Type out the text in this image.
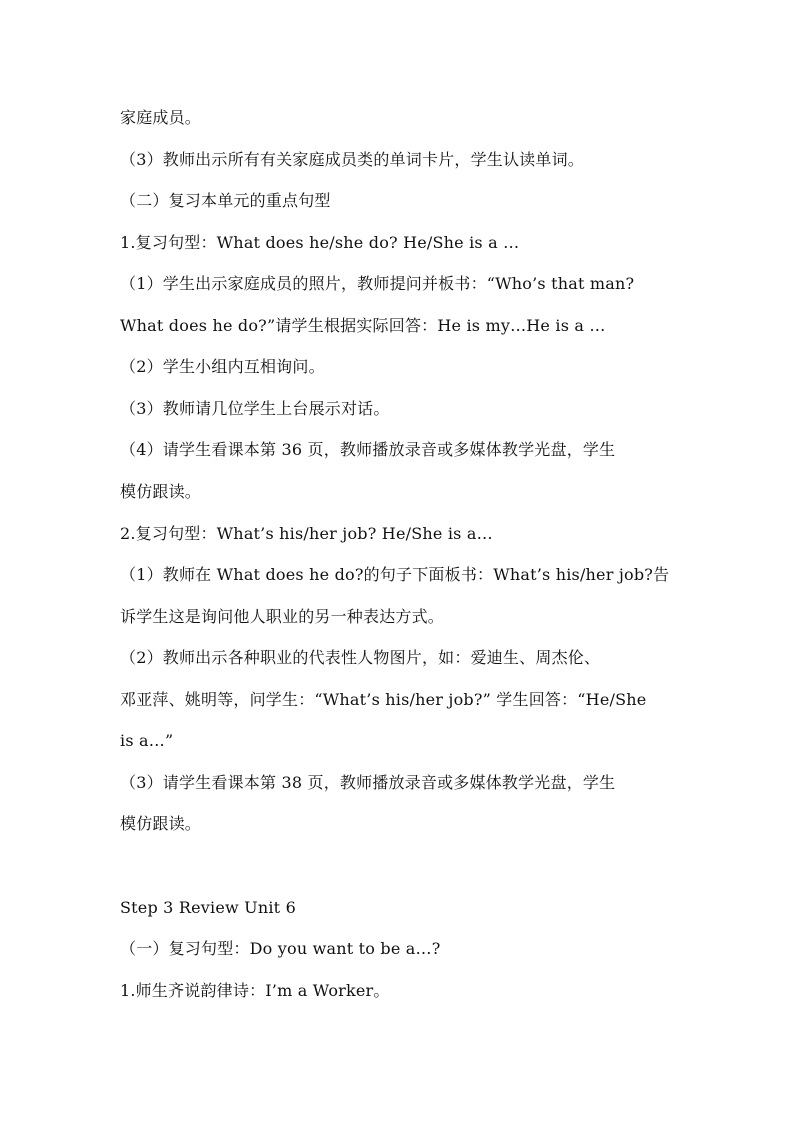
家庭成员。
（3）教师出示所有有关家庭成员类的单词卡片，学生认读单词。
（二）复习本单元的重点句型
1.复习句型：What does he/she do? He/She is a …
（1）学生出示家庭成员的照片，教师提问并板书：“Who’s that man?
What does he do?”请学生根据实际回答：He is my…He is a …
（2）学生小组内互相询问。
（3）教师请几位学生上台展示对话。
（4）请学生看课本第 36 页，教师播放录音或多媒体教学光盘，学生
模仿跟读。
2.复习句型：What’s his/her job? He/She is a…
（1）教师在 What does he do?的句子下面板书：What’s his/her job?告
诉学生这是询问他人职业的另一种表达方式。
（2）教师出示各种职业的代表性人物图片，如：爱迪生、周杰伦、
邓亚萍、姚明等，问学生：“What’s his/her job?” 学生回答：“He/She
is a…”
（3）请学生看课本第 38 页，教师播放录音或多媒体教学光盘，学生
模仿跟读。
Step 3 Review Unit 6
（一）复习句型：Do you want to be a…?
1.师生齐说韵律诗：I’m a Worker。
